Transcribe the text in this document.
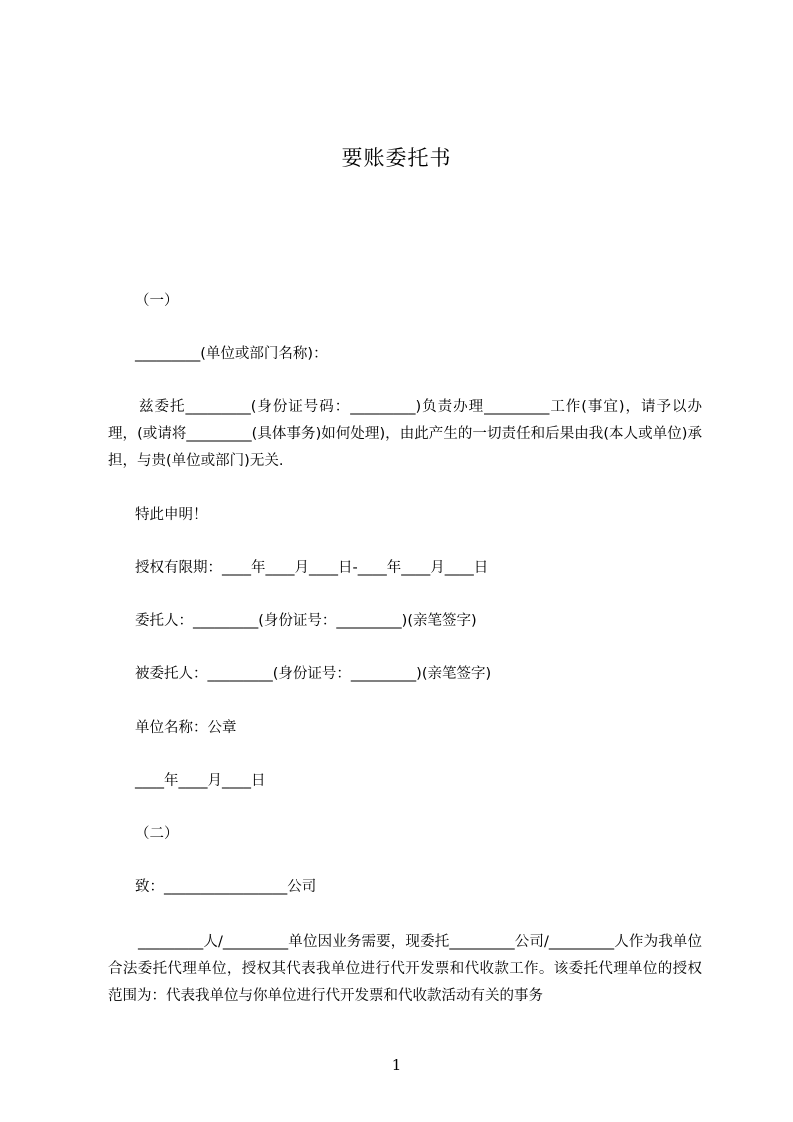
要账委托书
（一）
_________(单位或部门名称)：
兹委托_________(身份证号码：_________)负责办理_________工作(事宜)，请予以办理，(或请将_________(具体事务)如何处理)，由此产生的一切责任和后果由我(本人或单位)承担，与贵(单位或部门)无关.
特此申明！
授权有限期：____年____月____日-____年____月____日
委托人：_________(身份证号：_________)(亲笔签字)
被委托人：_________(身份证号：_________)(亲笔签字)
单位名称：公章
____年____月____日
（二）
致：_________________公司
_________人/_________单位因业务需要，现委托_________公司/_________人作为我单位合法委托代理单位，授权其代表我单位进行代开发票和代收款工作。该委托代理单位的授权范围为：代表我单位与你单位进行代开发票和代收款活动有关的事务
1
